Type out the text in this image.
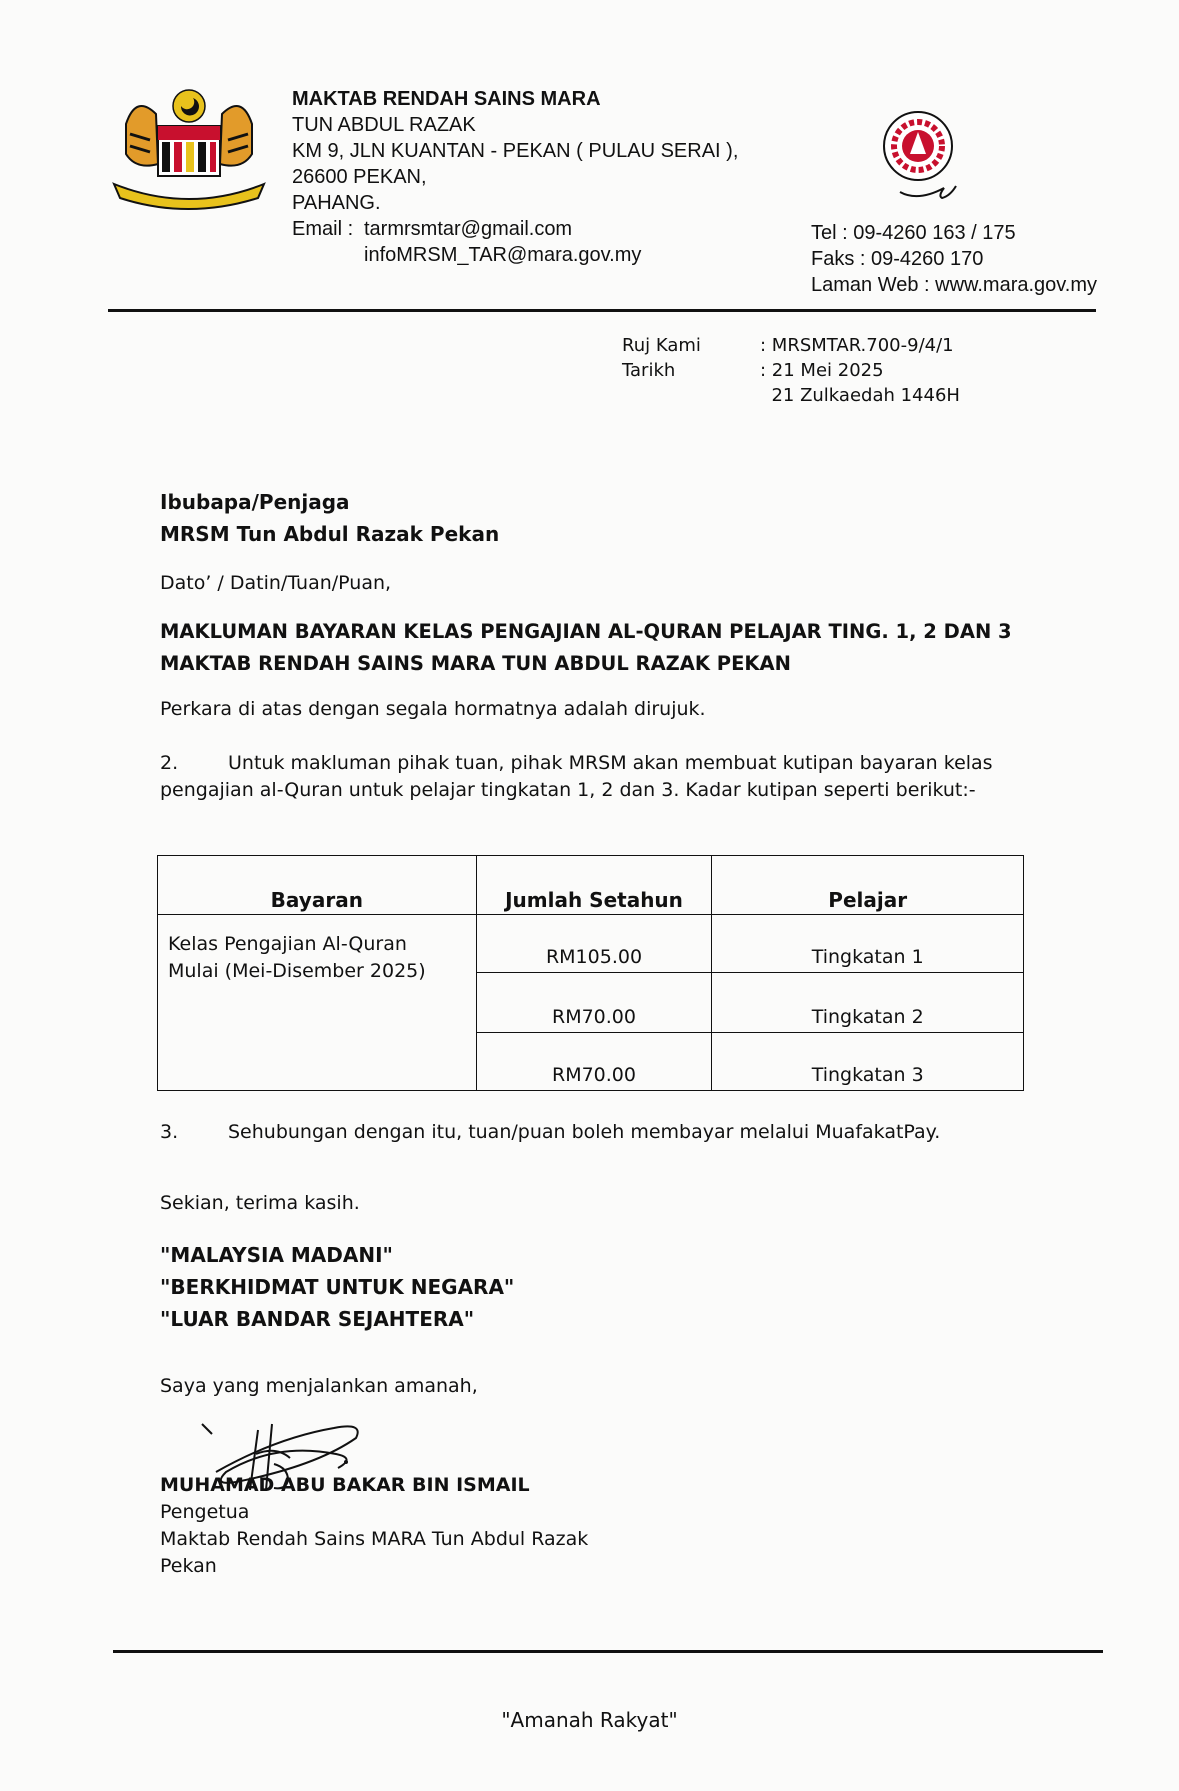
MAKTAB RENDAH SAINS MARA
TUN ABDUL RAZAK
KM 9, JLN KUANTAN - PEKAN ( PULAU SERAI ),
26600 PEKAN,
PAHANG.
Email : tarmrsmtar@gmail.com
infoMRSM_TAR@mara.gov.my
Tel : 09-4260 163 / 175
Faks : 09-4260 170
Laman Web : www.mara.gov.my
Ruj Kami	: MRSMTAR.700-9/4/1
Tarikh	: 21 Mei 2025
21 Zulkaedah 1446H
Ibubapa/Penjaga
MRSM Tun Abdul Razak Pekan
Dato’ / Datin/Tuan/Puan,
MAKLUMAN BAYARAN KELAS PENGAJIAN AL-QURAN PELAJAR TING. 1, 2 DAN 3 MAKTAB RENDAH SAINS MARA TUN ABDUL RAZAK PEKAN
Perkara di atas dengan segala hormatnya adalah dirujuk.
2.	Untuk makluman pihak tuan, pihak MRSM akan membuat kutipan bayaran kelas pengajian al-Quran untuk pelajar tingkatan 1, 2 dan 3. Kadar kutipan seperti berikut:-
Bayaran	Jumlah Setahun	Pelajar

Kelas Pengajian Al-Quran
Mulai (Mei-Disember 2025)	RM105.00	Tingkatan 1
	RM70.00	Tingkatan 2
	RM70.00	Tingkatan 3
3.	Sehubungan dengan itu, tuan/puan boleh membayar melalui MuafakatPay.
Sekian, terima kasih.
"MALAYSIA MADANI"
"BERKHIDMAT UNTUK NEGARA"
"LUAR BANDAR SEJAHTERA"
Saya yang menjalankan amanah,
MUHAMAD ABU BAKAR BIN ISMAIL
Pengetua
Maktab Rendah Sains MARA Tun Abdul Razak
Pekan
"Amanah Rakyat"
